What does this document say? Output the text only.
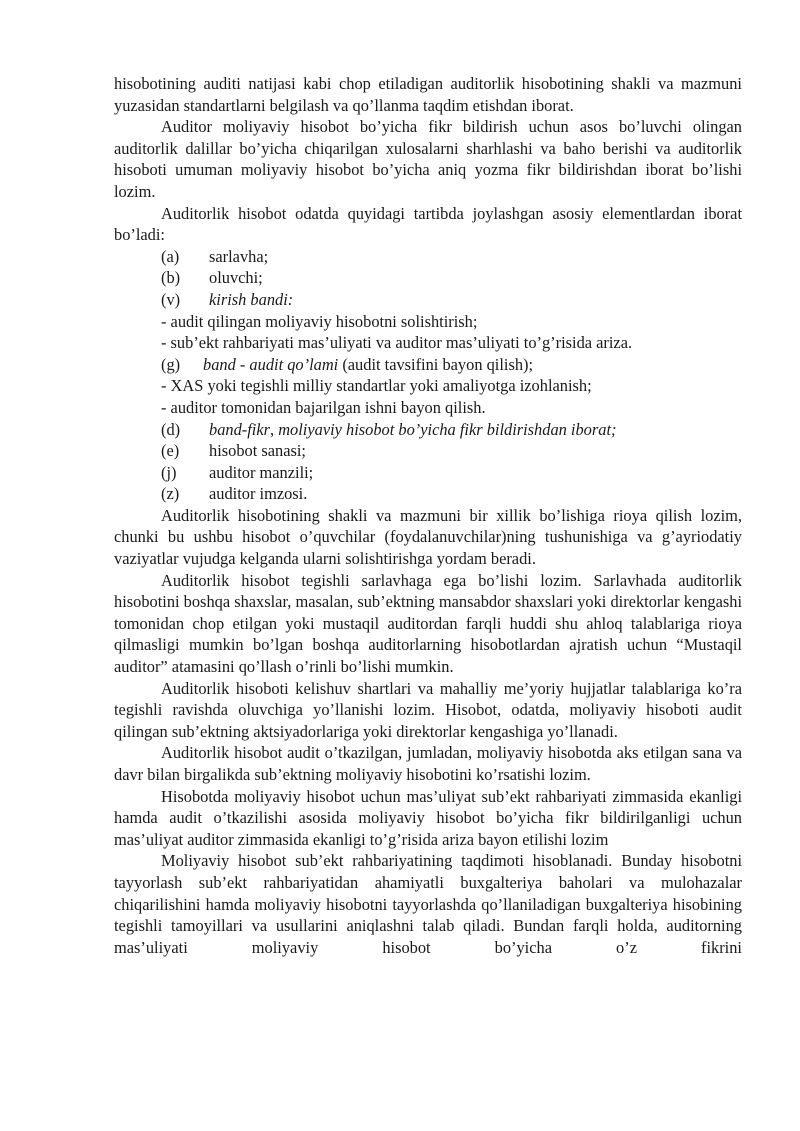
hisobotining auditi natijasi kabi chop etiladigan auditorlik hisobotining shakli va mazmuni yuzasidan standartlarni belgilash va qo’llanma taqdim etishdan iborat.

Auditor moliyaviy hisobot bo’yicha fikr bildirish uchun asos bo’luvchi olingan auditorlik dalillar bo’yicha chiqarilgan xulosalarni sharhlashi va baho berishi va auditorlik hisoboti umuman moliyaviy hisobot bo’yicha aniq yozma fikr bildirishdan iborat bo’lishi lozim.

Auditorlik hisobot odatda quyidagi tartibda joylashgan asosiy elementlardan iborat bo’ladi:

(a)	sarlavha;
(b)	oluvchi;
(v)	kirish bandi:

- audit qilingan moliyaviy hisobotni solishtirish;

- sub’ekt rahbariyati mas’uliyati va auditor mas’uliyati to’g’risida ariza.

(g)	band - audit qo’lami (audit tavsifini bayon qilish);

- XAS yoki tegishli milliy standartlar yoki amaliyotga izohlanish;

- auditor tomonidan bajarilgan ishni bayon qilish.

(d)	band-fikr, moliyaviy hisobot bo’yicha fikr bildirishdan iborat;
(e)	hisobot sanasi;
(j)	auditor manzili;
(z)	auditor imzosi.

Auditorlik hisobotining shakli va mazmuni bir xillik bo’lishiga rioya qilish lozim, chunki bu ushbu hisobot o’quvchilar (foydalanuvchilar)ning tushunishiga va g’ayriodatiy vaziyatlar vujudga kelganda ularni solishtirishga yordam beradi.

Auditorlik hisobot tegishli sarlavhaga ega bo’lishi lozim. Sarlavhada auditorlik hisobotini boshqa shaxslar, masalan, sub’ektning mansabdor shaxslari yoki direktorlar kengashi tomonidan chop etilgan yoki mustaqil auditordan farqli huddi shu ahloq talablariga rioya qilmasligi mumkin bo’lgan boshqa auditorlarning hisobotlardan ajratish uchun “Mustaqil auditor” atamasini qo’llash o’rinli bo’lishi mumkin.

Auditorlik hisoboti kelishuv shartlari va mahalliy me’yoriy hujjatlar talablariga ko’ra tegishli ravishda oluvchiga yo’llanishi lozim. Hisobot, odatda, moliyaviy hisoboti audit qilingan sub’ektning aktsiyadorlariga yoki direktorlar kengashiga yo’llanadi.

Auditorlik hisobot audit o’tkazilgan, jumladan, moliyaviy hisobotda aks etilgan sana va davr bilan birgalikda sub’ektning moliyaviy hisobotini ko’rsatishi lozim.

Hisobotda moliyaviy hisobot uchun mas’uliyat sub’ekt rahbariyati zimmasida ekanligi hamda audit o’tkazilishi asosida moliyaviy hisobot bo’yicha fikr bildirilganligi uchun mas’uliyat auditor zimmasida ekanligi to’g’risida ariza bayon etilishi lozim

Moliyaviy hisobot sub’ekt rahbariyatining taqdimoti hisoblanadi. Bunday hisobotni tayyorlash sub’ekt rahbariyatidan ahamiyatli buxgalteriya baholari va mulohazalar chiqarilishini hamda moliyaviy hisobotni tayyorlashda qo’llaniladigan buxgalteriya hisobining tegishli tamoyillari va usullarini aniqlashni talab qiladi. Bundan farqli holda, auditorning mas’uliyati moliyaviy hisobot bo’yicha o’z fikrini
